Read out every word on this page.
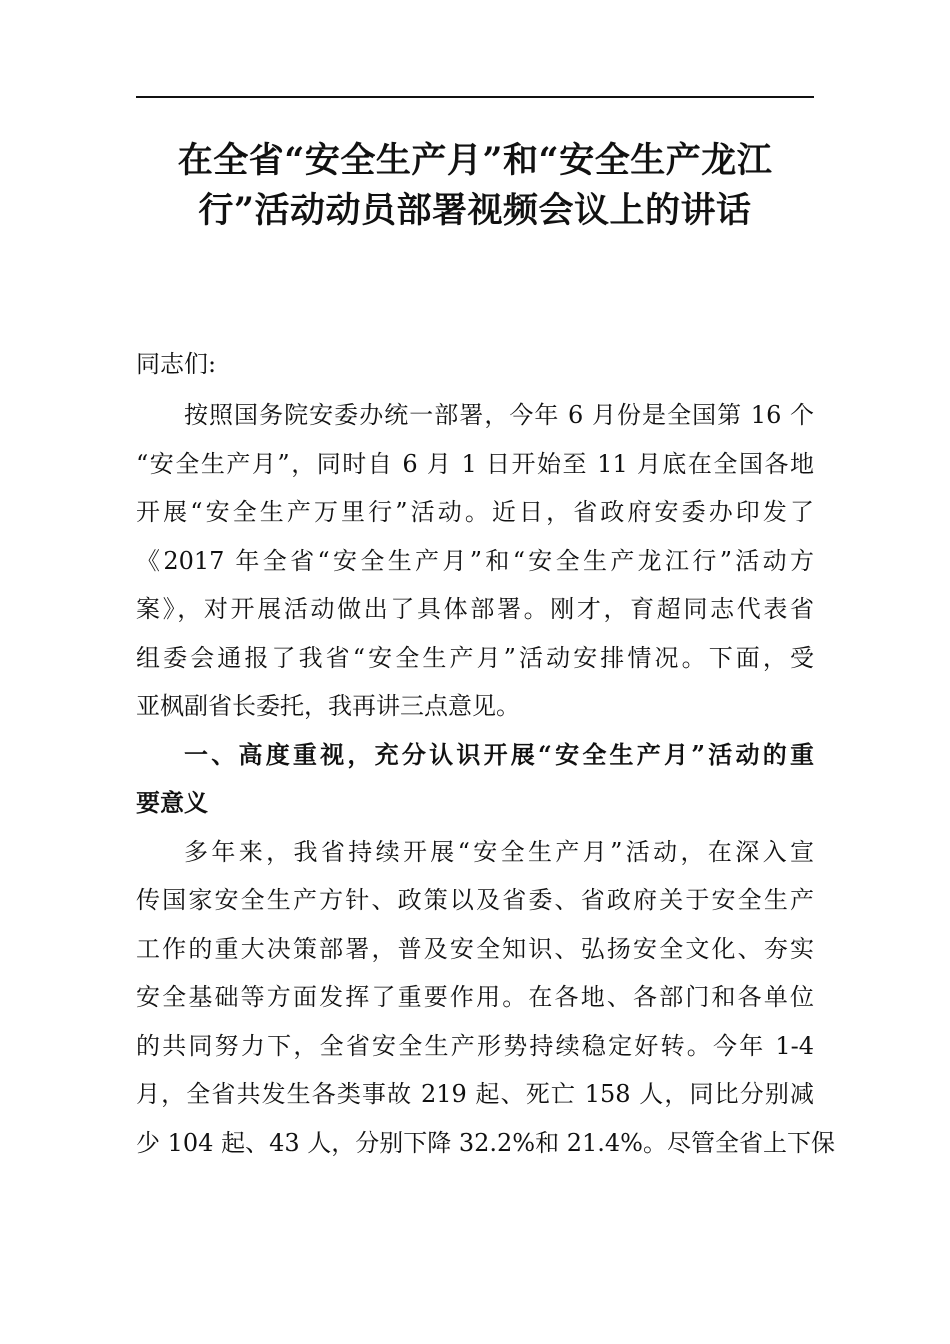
在全省“安全生产月”和“安全生产龙江
行”活动动员部署视频会议上的讲话

同志们:

按照国务院安委办统一部署，今年 6 月份是全国第 16 个
“安全生产月”，同时自 6 月 1 日开始至 11 月底在全国各地
开展“安全生产万里行”活动。近日，省政府安委办印发了
《2017 年全省“安全生产月”和“安全生产龙江行”活动方
案》，对开展活动做出了具体部署。刚才，育超同志代表省
组委会通报了我省“安全生产月”活动安排情况。下面，受
亚枫副省长委托，我再讲三点意见。

一、高度重视，充分认识开展“安全生产月”活动的重
要意义

多年来，我省持续开展“安全生产月”活动，在深入宣
传国家安全生产方针、政策以及省委、省政府关于安全生产
工作的重大决策部署，普及安全知识、弘扬安全文化、夯实
安全基础等方面发挥了重要作用。在各地、各部门和各单位
的共同努力下，全省安全生产形势持续稳定好转。今年 1-4
月，全省共发生各类事故 219 起、死亡 158 人，同比分别减
少 104 起、43 人，分别下降 32.2%和 21.4%。尽管全省上下保
